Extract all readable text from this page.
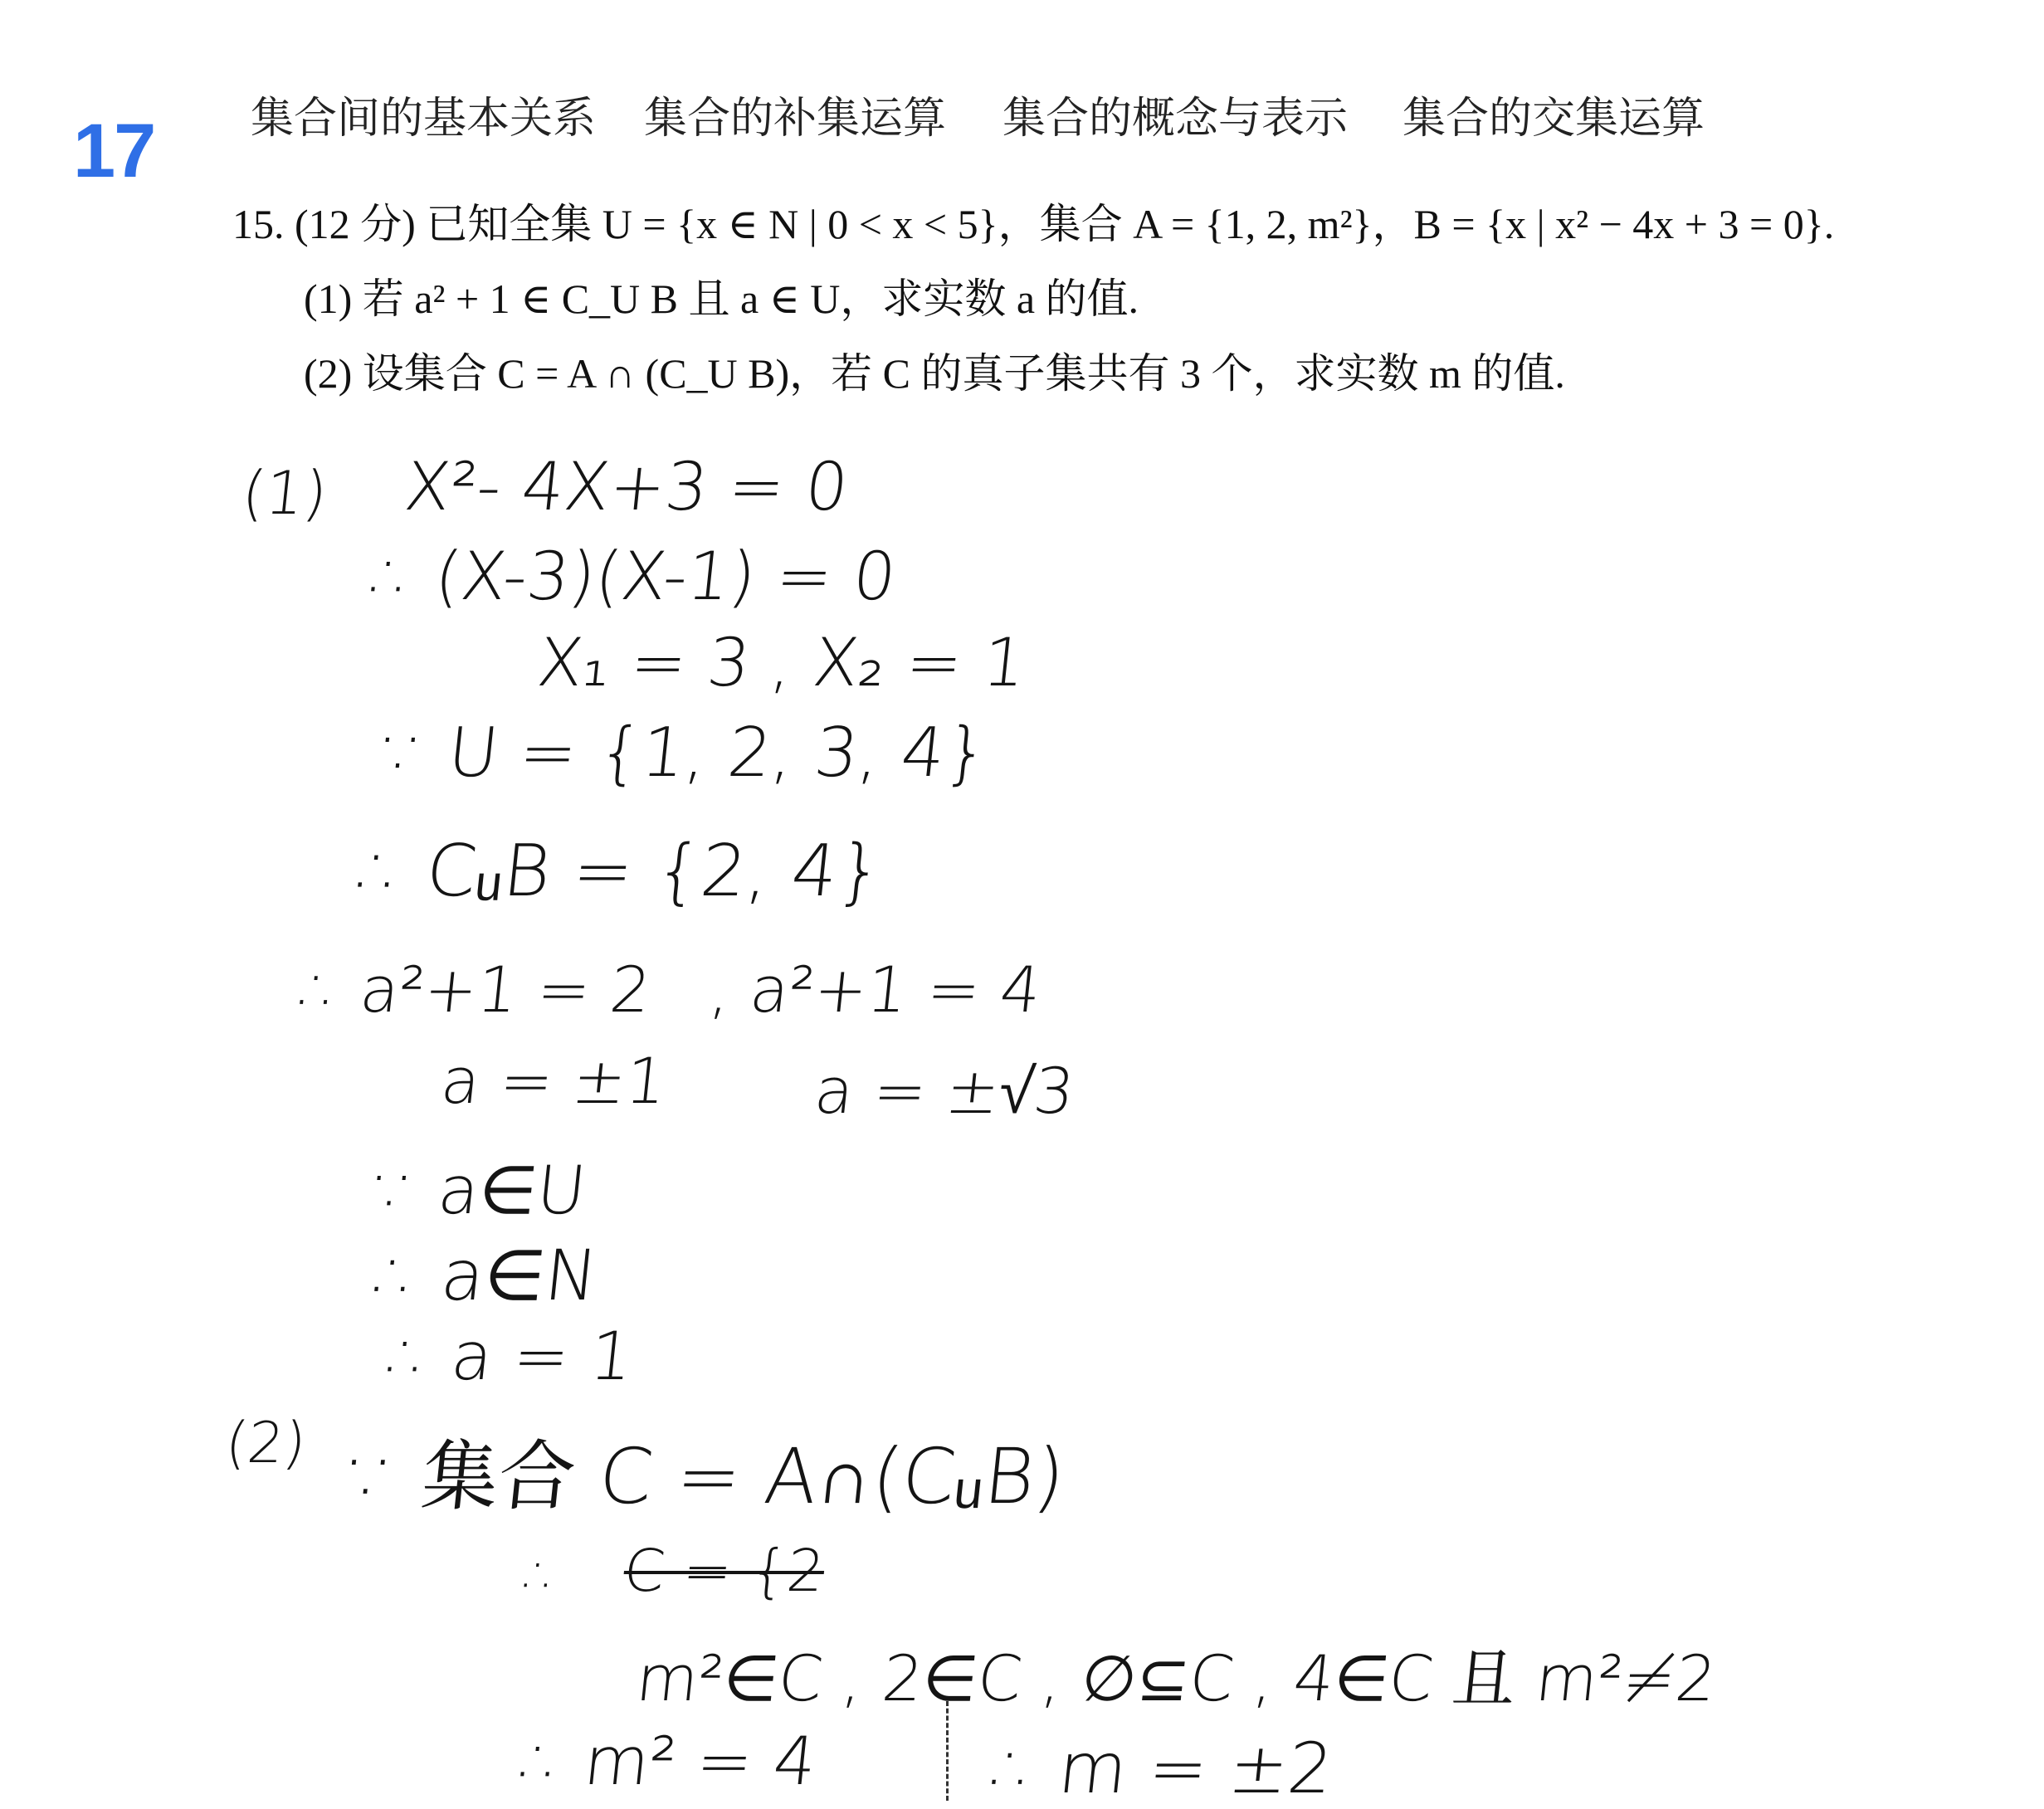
17 集合间的基本关系 集合的补集运算 集合的概念与表示 集合的交集运算
15. (12 分) 已知全集 U = {x ∈ N | 0 < x < 5}，集合 A = {1, 2, m²}，B = {x | x² − 4x + 3 = 0}.
(1) 若 a² + 1 ∈ C_U B 且 a ∈ U，求实数 a 的值.
(2) 设集合 C = A ∩ (C_U B)，若 C 的真子集共有 3 个，求实数 m 的值.
(1) X²- 4X+3 = 0
∴ (X-3)(X-1) = 0
X₁ = 3 , X₂ = 1
∵ U = {1, 2, 3, 4}
∴ CᵤB = {2, 4}
∴ a²+1 = 2 , a²+1 = 4
a = ±1 a = ±√3
∵ a∈U
∴ a∈N
∴ a = 1
(2) ∵ 集合 C = A∩(CᵤB)
∴ C = {2
m²∈C , 2∈C , ∅⊆C , 4∈C 且 m²≠2
∴ m² = 4 ∴ m = ±2
